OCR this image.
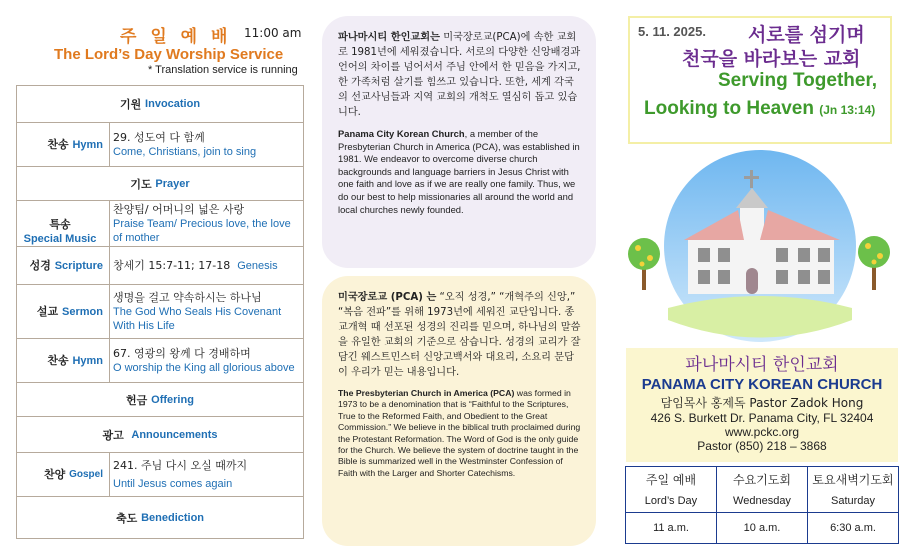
주 일 예 배 11:00 am
The Lord’s Day Worship Service
* Translation service is running
기원
Invocation
찬송
Hymn
29. 성도여 다 함께
Come, Christians, join to sing
기도
Prayer
특송
Special Music
찬양팀/ 어머니의 넓은 사랑
Praise Team/ Precious love, the love of mother
성경
Scripture 창세기 15:7-11; 17-18
Genesis
설교
Sermon
생명을 걸고 약속하시는 하나님
The God Who Seals His Covenant With His Life
찬송
Hymn
67. 영광의 왕께 다 경배하며
O worship the King all glorious above
헌금
Offering
광고
Announcements
찬양
Gospel
241. 주님 다시 오실 때까지
Until Jesus comes again
축도
Benediction

파나마시티 한인교회는 미국장로교(PCA)에 속한 교회로 1981년에 세워졌습니다. 서로의 다양한 신앙배경과 언어의 차이를 넘어서서 주님 안에서 한 믿음을 가지고, 한 가족처럼 살기를 힘쓰고 있습니다. 또한, 세계 각국의 선교사님들과 지역 교회의 개척도 열심히 돕고 있습니다.

Panama City Korean Church, a member of the Presbyterian Church in America (PCA), was established in 1981. We endeavor to overcome diverse church backgrounds and language barriers in Jesus Christ with one faith and love as if we are really one family. Thus, we do our best to help missionaries all around the world and local churches newly founded.

미국장로교 (PCA) 는 “오직 성경,” “개혁주의 신앙,” “복음 전파”를 위해 1973년에 세워진 교단입니다. 종교개혁 때 선포된 성경의 진리를 믿으며, 하나님의 말씀을 유일한 교회의 기준으로 삼습니다. 성경의 교리가 잘 담긴 웨스트민스터 신앙고백서와 대요리, 소요리 문답이 우리가 믿는 내용입니다.

The Presbyterian Church in America (PCA) was formed in 1973 to be a denomination that is “Faithful to the Scriptures, True to the Reformed Faith, and Obedient to the Great Commission.” We believe in the biblical truth proclaimed during the Protestant Reformation. The Word of God is the only guide for the Church. We believe the system of doctrine taught in the Bible is summarized well in the Westminster Confession of Faith with the Larger and Shorter Catechisms.

5. 11. 2025. 서로를 섬기며
천국을 바라보는 교회
Serving Together,
Looking to Heaven (Jn 13:14)
파나마시티 한인교회
PANAMA CITY KOREAN CHURCH
담임목사 홍제독 Pastor Zadok Hong
426 S. Burkett Dr. Panama City, FL 32404
www.pckc.org
Pastor (850) 218 – 3868
주일 예배
Lord’s Day
11 a.m.
수요기도회
Wednesday
10 a.m.
토요새벽기도회
Saturday
6:30 a.m.
